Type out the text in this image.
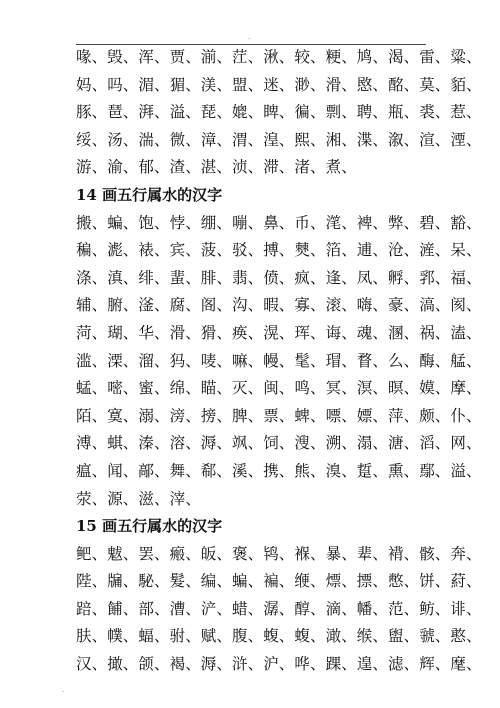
.
喙、毁、浑、贾、湔、茳、湫、较、粳、鸠、渴、雷、粱、
妈、吗、湄、猸、渼、盟、迷、渺、滑、愍、酩、莫、貊、
豚、琶、湃、溢、琵、媲、睥、徧、剽、聘、瓶、裘、惹、
绥、汤、湍、微、漳、渭、湟、熙、湘、渫、溆、渲、湮、
游、渝、郁、渣、湛、浈、滞、渚、煮、
14 画五行属水的汉字
搬、蝙、饱、悖、绷、嘣、鼻、币、滗、裨、弊、碧、豁、
稨、滮、裱、宾、菠、驳、搏、僰、箔、逋、沧、滻、呆、
涤、滇、绯、蜚、腓、翡、偾、疯、逢、凤、孵、郛、福、
辅、腑、滏、腐、阁、沟、暇、寡、滚、嗨、豪、滈、阂、
菏、瑚、华、滑、猾、痪、滉、珲、诲、魂、溷、祸、溘、
滥、溧、溜、犸、唛、嘛、幔、髦、瑁、瞀、么、酶、艋、
蜢、嘧、蜜、绵、瞄、灭、闽、鸣、冥、溟、暝、嫫、摩、
陌、寞、溺、滂、搒、脾、票、蜱、嘌、嫖、萍、颇、仆、
溥、蜞、溱、溶、溽、飒、饲、溲、溯、溻、溏、滔、网、
瘟、闻、鄗、舞、郗、溪、携、熊、溴、踅、熏、鄢、溢、
荥、源、滋、滓、
15 画五行属水的汉字
鲃、魃、罢、瘢、皈、褒、鸨、褓、暴、辈、褙、骸、奔、
陛、牖、駜、髮、编、蝙、褊、缏、熛、摽、憋、饼、葤、
踣、餔、部、漕、浐、蜡、潺、醇、滴、幡、范、鲂、诽、
肤、幞、蝠、驸、赋、腹、蝮、蝮、澉、缑、盥、虢、憨、
汉、撖、颌、褐、溽、浒、沪、哗、踝、遑、滤、辉、麾、
.
